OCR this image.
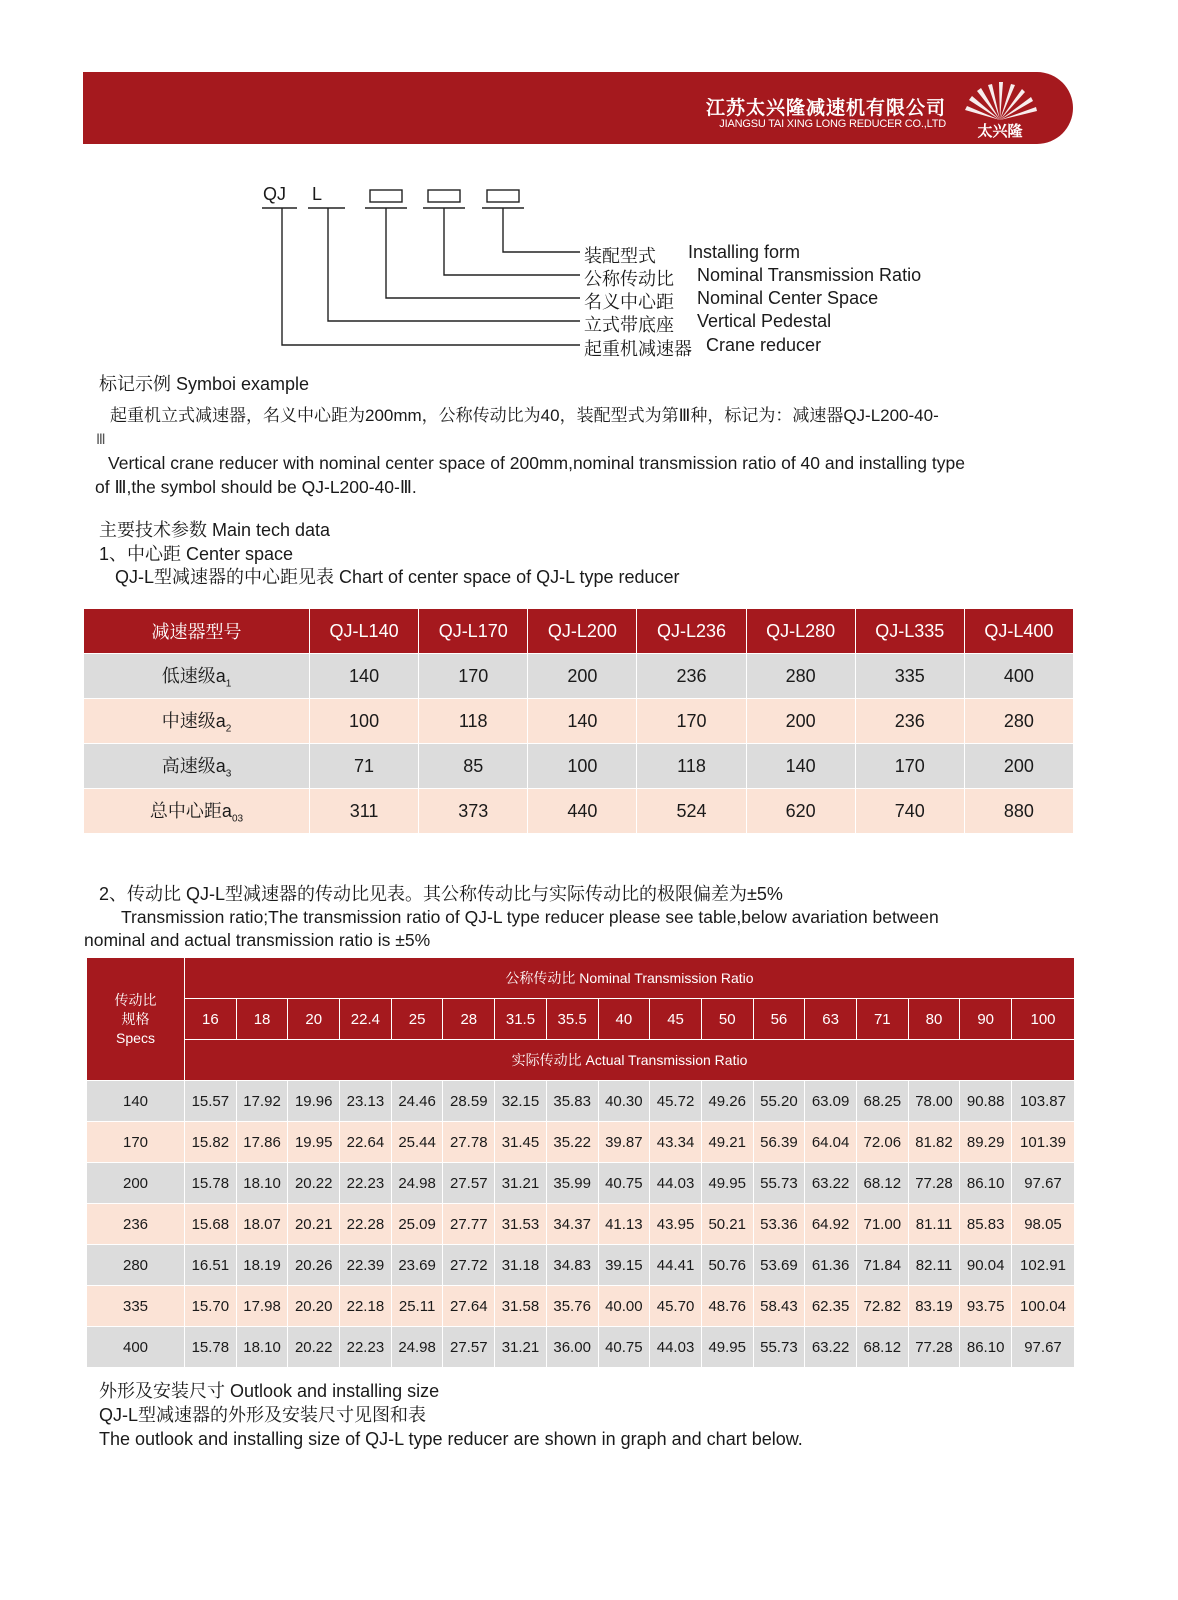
江苏太兴隆减速机有限公司
JIANGSU TAI XING LONG REDUCER CO.,LTD 太兴隆
QJ L
装配型式 Installing form
公称传动比 Nominal Transmission Ratio
名义中心距 Nominal Center Space
立式带底座 Vertical Pedestal
起重机减速器 Crane reducer
标记示例 Symboi example
起重机立式减速器，名义中心距为200mm，公称传动比为40，装配型式为第Ⅲ种，标记为：减速器QJ-L200-40-
Ⅲ
Vertical crane reducer with nominal center space of 200mm,nominal transmission ratio of 40 and installing type
of Ⅲ,the symbol should be QJ-L200-40-Ⅲ.
主要技术参数 Main tech data
1、中心距 Center space
QJ-L型减速器的中心距见表 Chart of center space of QJ-L type reducer
减速器型号	QJ-L140	QJ-L170	QJ-L200	QJ-L236	QJ-L280	QJ-L335	QJ-L400
低速级$a_1$	140	170	200	236	280	335	400
中速级$a_2$	100	118	140	170	200	236	280
高速级$a_3$	71	85	100	118	140	170	200
总中心距$a_{03}$	311	373	440	524	620	740	880
2、传动比 QJ-L型减速器的传动比见表。其公称传动比与实际传动比的极限偏差为±5%
Transmission ratio;The transmission ratio of QJ-L type reducer please see table,below avariation between
nominal and actual transmission ratio is ±5%
传动比
规格
Specs	公称传动比 Nominal Transmission Ratio																
	16	18	20	22.4	25	28	31.5	35.5	40	45	50	56	63	71	80	90	100
	实际传动比 Actual Transmission Ratio																
140	15.57	17.92	19.96	23.13	24.46	28.59	32.15	35.83	40.30	45.72	49.26	55.20	63.09	68.25	78.00	90.88	103.87
170	15.82	17.86	19.95	22.64	25.44	27.78	31.45	35.22	39.87	43.34	49.21	56.39	64.04	72.06	81.82	89.29	101.39
200	15.78	18.10	20.22	22.23	24.98	27.57	31.21	35.99	40.75	44.03	49.95	55.73	63.22	68.12	77.28	86.10	97.67
236	15.68	18.07	20.21	22.28	25.09	27.77	31.53	34.37	41.13	43.95	50.21	53.36	64.92	71.00	81.11	85.83	98.05
280	16.51	18.19	20.26	22.39	23.69	27.72	31.18	34.83	39.15	44.41	50.76	53.69	61.36	71.84	82.11	90.04	102.91
335	15.70	17.98	20.20	22.18	25.11	27.64	31.58	35.76	40.00	45.70	48.76	58.43	62.35	72.82	83.19	93.75	100.04
400	15.78	18.10	20.22	22.23	24.98	27.57	31.21	36.00	40.75	44.03	49.95	55.73	63.22	68.12	77.28	86.10	97.67
外形及安装尺寸 Outlook and installing size
QJ-L型减速器的外形及安装尺寸见图和表
The outlook and installing size of QJ-L type reducer are shown in graph and chart below.
